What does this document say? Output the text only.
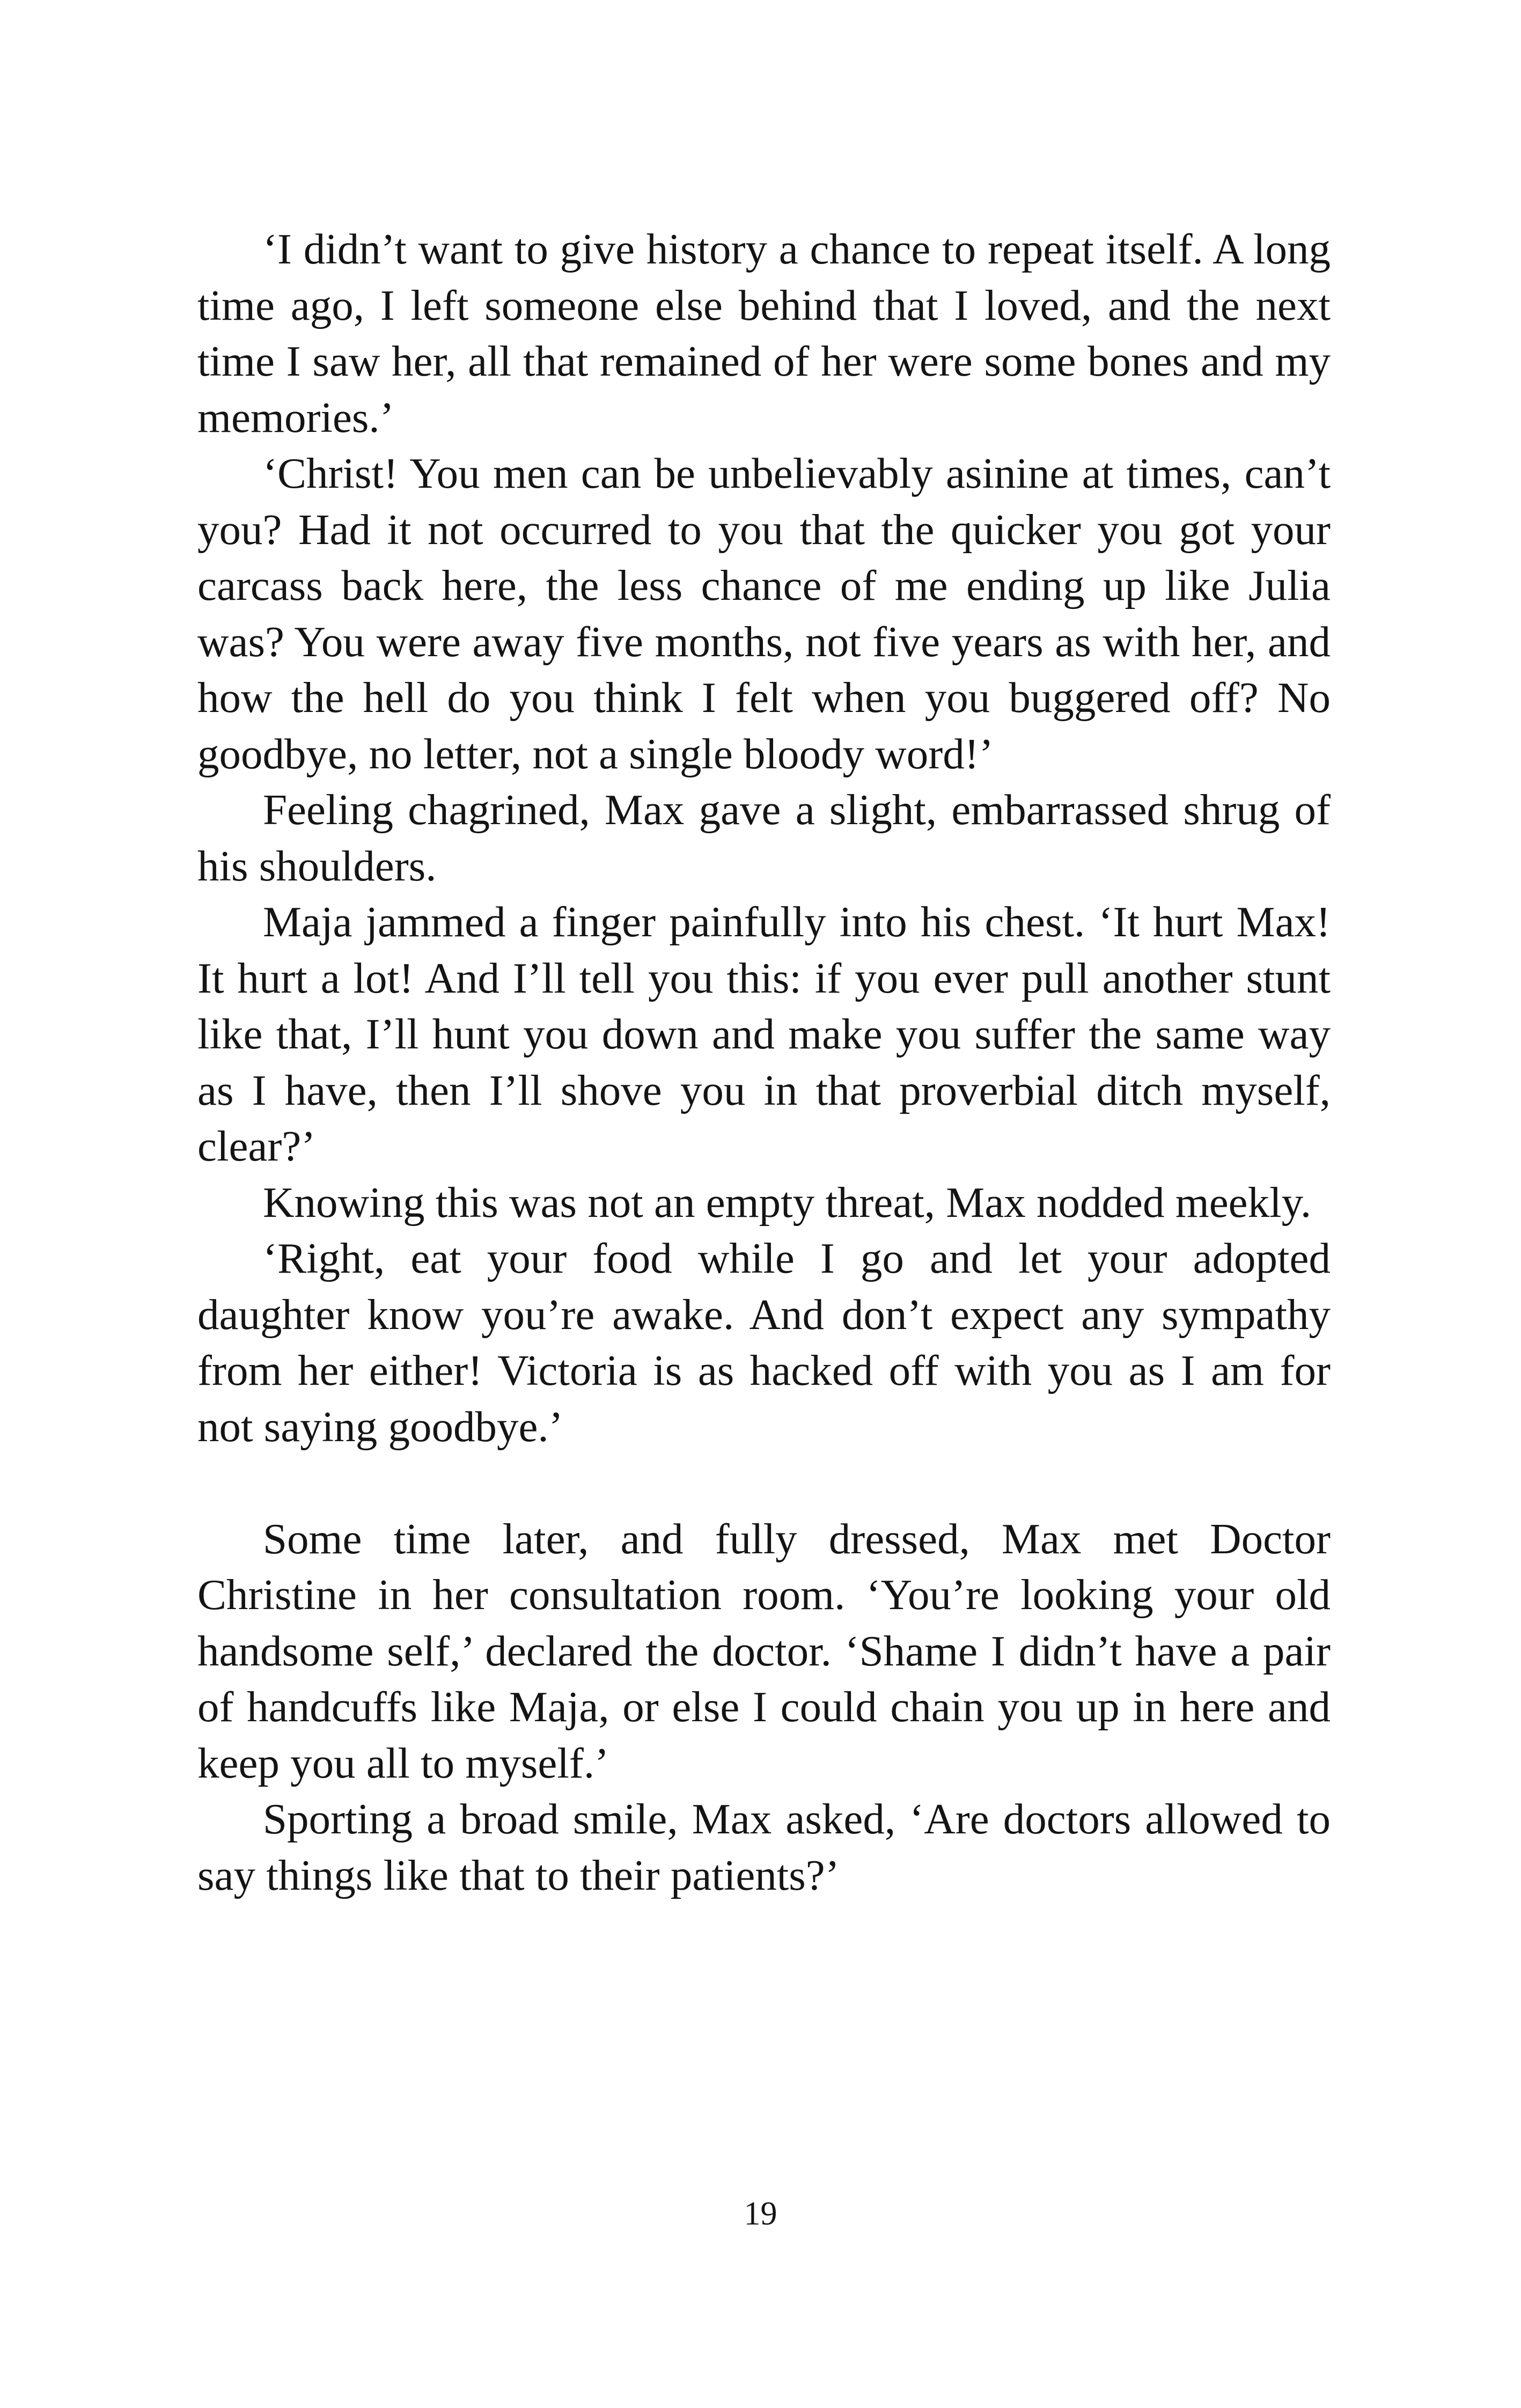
‘I didn’t want to give history a chance to repeat itself. A long time ago, I left someone else behind that I loved, and the next time I saw her, all that remained of her were some bones and my memories.’

‘Christ! You men can be unbelievably asinine at times, can’t you? Had it not occurred to you that the quicker you got your carcass back here, the less chance of me ending up like Julia was? You were away five months, not five years as with her, and how the hell do you think I felt when you buggered off? No goodbye, no letter, not a single bloody word!’

Feeling chagrined, Max gave a slight, embarrassed shrug of his shoulders.

Maja jammed a finger painfully into his chest. ‘It hurt Max! It hurt a lot! And I’ll tell you this: if you ever pull another stunt like that, I’ll hunt you down and make you suffer the same way as I have, then I’ll shove you in that proverbial ditch myself, clear?’

Knowing this was not an empty threat, Max nodded meekly.

‘Right, eat your food while I go and let your adopted daughter know you’re awake. And don’t expect any sympathy from her either! Victoria is as hacked off with you as I am for not saying goodbye.’

Some time later, and fully dressed, Max met Doctor Christine in her consultation room. ‘You’re looking your old handsome self,’ declared the doctor. ‘Shame I didn’t have a pair of handcuffs like Maja, or else I could chain you up in here and keep you all to myself.’

Sporting a broad smile, Max asked, ‘Are doctors allowed to say things like that to their patients?’

19
